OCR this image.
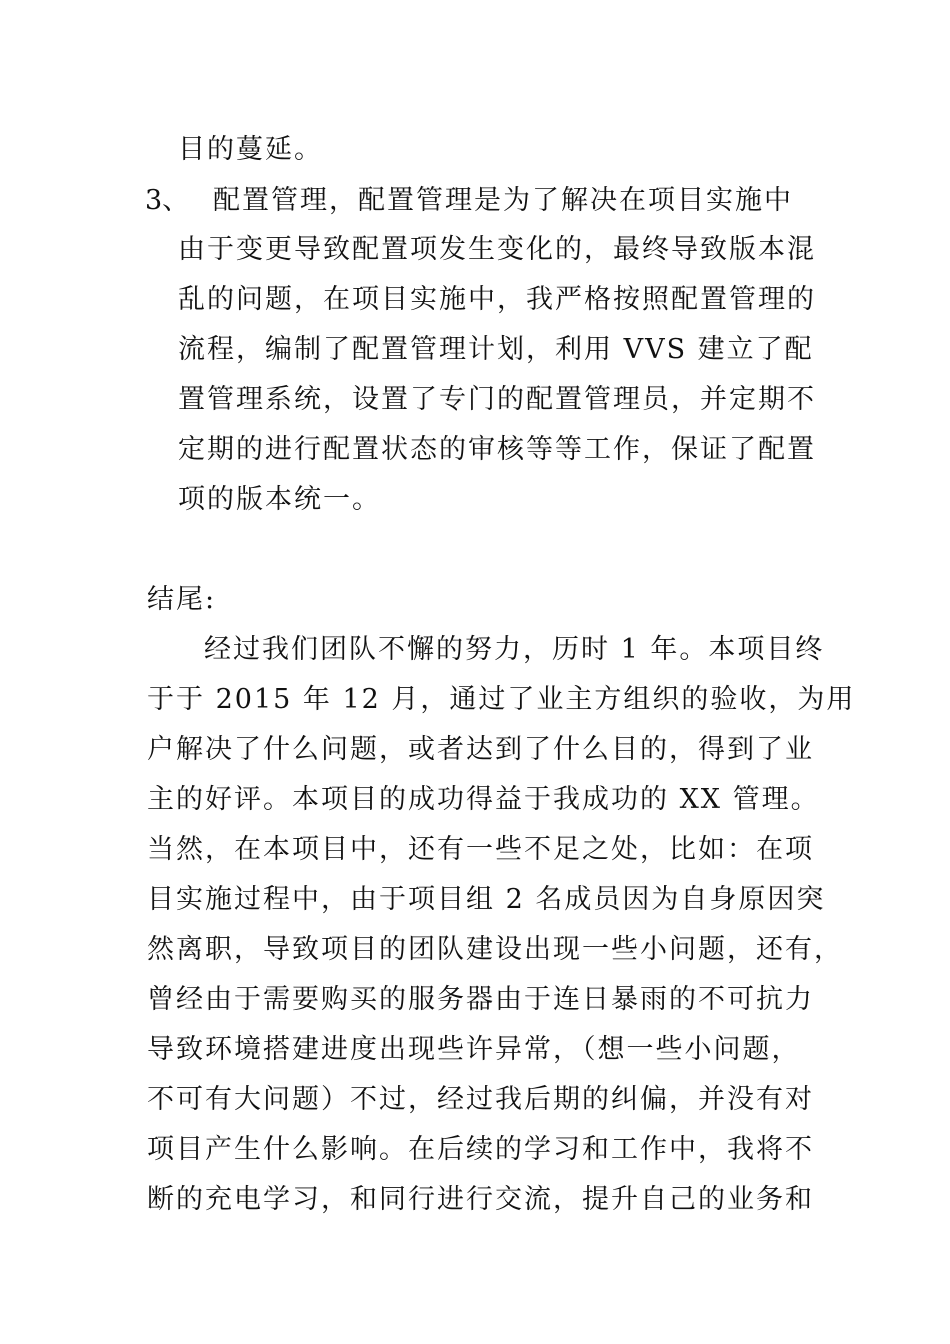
目的蔓延。
3、 配置管理，配置管理是为了解决在项目实施中
由于变更导致配置项发生变化的，最终导致版本混
乱的问题，在项目实施中，我严格按照配置管理的
流程，编制了配置管理计划，利用 VVS 建立了配
置管理系统，设置了专门的配置管理员，并定期不
定期的进行配置状态的审核等等工作，保证了配置
项的版本统一。
结尾:
经过我们团队不懈的努力，历时 1 年。本项目终
于于 2015 年 12 月，通过了业主方组织的验收，为用
户解决了什么问题，或者达到了什么目的，得到了业
主的好评。本项目的成功得益于我成功的 XX 管理。
当然，在本项目中，还有一些不足之处，比如：在项
目实施过程中，由于项目组 2 名成员因为自身原因突
然离职，导致项目的团队建设出现一些小问题，还有，
曾经由于需要购买的服务器由于连日暴雨的不可抗力
导致环境搭建进度出现些许异常，（想一些小问题，
不可有大问题）不过，经过我后期的纠偏，并没有对
项目产生什么影响。在后续的学习和工作中，我将不
断的充电学习，和同行进行交流，提升自己的业务和
